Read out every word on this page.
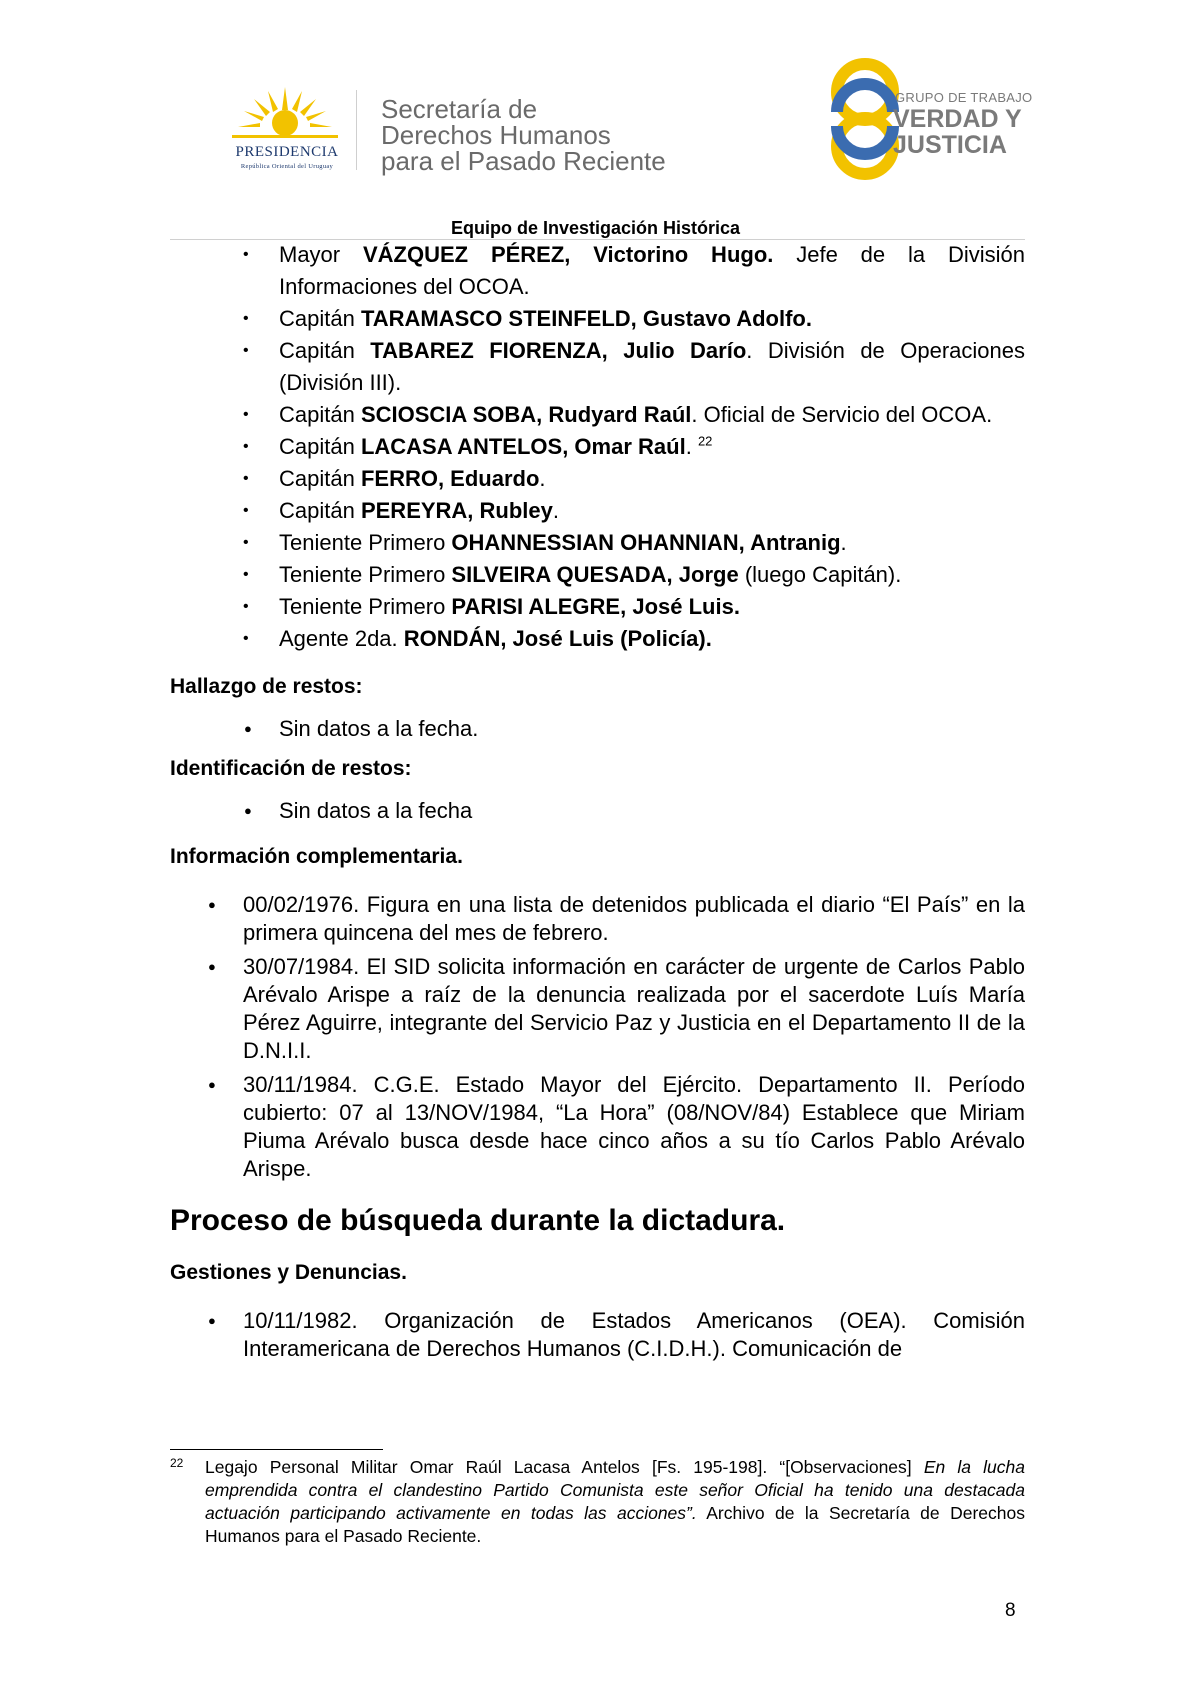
PRESIDENCIA
República Oriental del Uruguay
Secretaría de
Derechos Humanos
para el Pasado Reciente
GRUPO DE TRABAJO
VERDAD Y
JUSTICIA
Equipo de Investigación Histórica
• Mayor VÁZQUEZ PÉREZ, Victorino Hugo. Jefe de la División Informaciones del OCOA.
• Capitán TARAMASCO STEINFELD, Gustavo Adolfo.
• Capitán TABAREZ FIORENZA, Julio Darío. División de Operaciones (División III).
• Capitán SCIOSCIA SOBA, Rudyard Raúl. Oficial de Servicio del OCOA.
• Capitán LACASA ANTELOS, Omar Raúl. $^{22}$
• Capitán FERRO, Eduardo.
• Capitán PEREYRA, Rubley.
• Teniente Primero OHANNESSIAN OHANNIAN, Antranig.
• Teniente Primero SILVEIRA QUESADA, Jorge (luego Capitán).
• Teniente Primero PARISI ALEGRE, José Luis.
• Agente 2da. RONDÁN, José Luis (Policía).

Hallazgo de restos:

● Sin datos a la fecha.

Identificación de restos:

● Sin datos a la fecha

Información complementaria.

● 00/02/1976. Figura en una lista de detenidos publicada el diario “El País” en la primera quincena del mes de febrero.
● 30/07/1984. El SID solicita información en carácter de urgente de Carlos Pablo Arévalo Arispe a raíz de la denuncia realizada por el sacerdote Luís María Pérez Aguirre, integrante del Servicio Paz y Justicia en el Departamento II de la D.N.I.I.
● 30/11/1984. C.G.E. Estado Mayor del Ejército. Departamento II. Período cubierto: 07 al 13/NOV/1984, “La Hora” (08/NOV/84) Establece que Miriam Piuma Arévalo busca desde hace cinco años a su tío Carlos Pablo Arévalo Arispe.

Proceso de búsqueda durante la dictadura.

Gestiones y Denuncias.

● 10/11/1982. Organización de Estados Americanos (OEA). Comisión Interamericana de Derechos Humanos (C.I.D.H.). Comunicación de
22	Legajo Personal Militar Omar Raúl Lacasa Antelos [Fs. 195-198]. “[Observaciones] En la lucha emprendida contra el clandestino Partido Comunista este señor Oficial ha tenido una destacada actuación participando activamente en todas las acciones”. Archivo de la Secretaría de Derechos Humanos para el Pasado Reciente.
8
